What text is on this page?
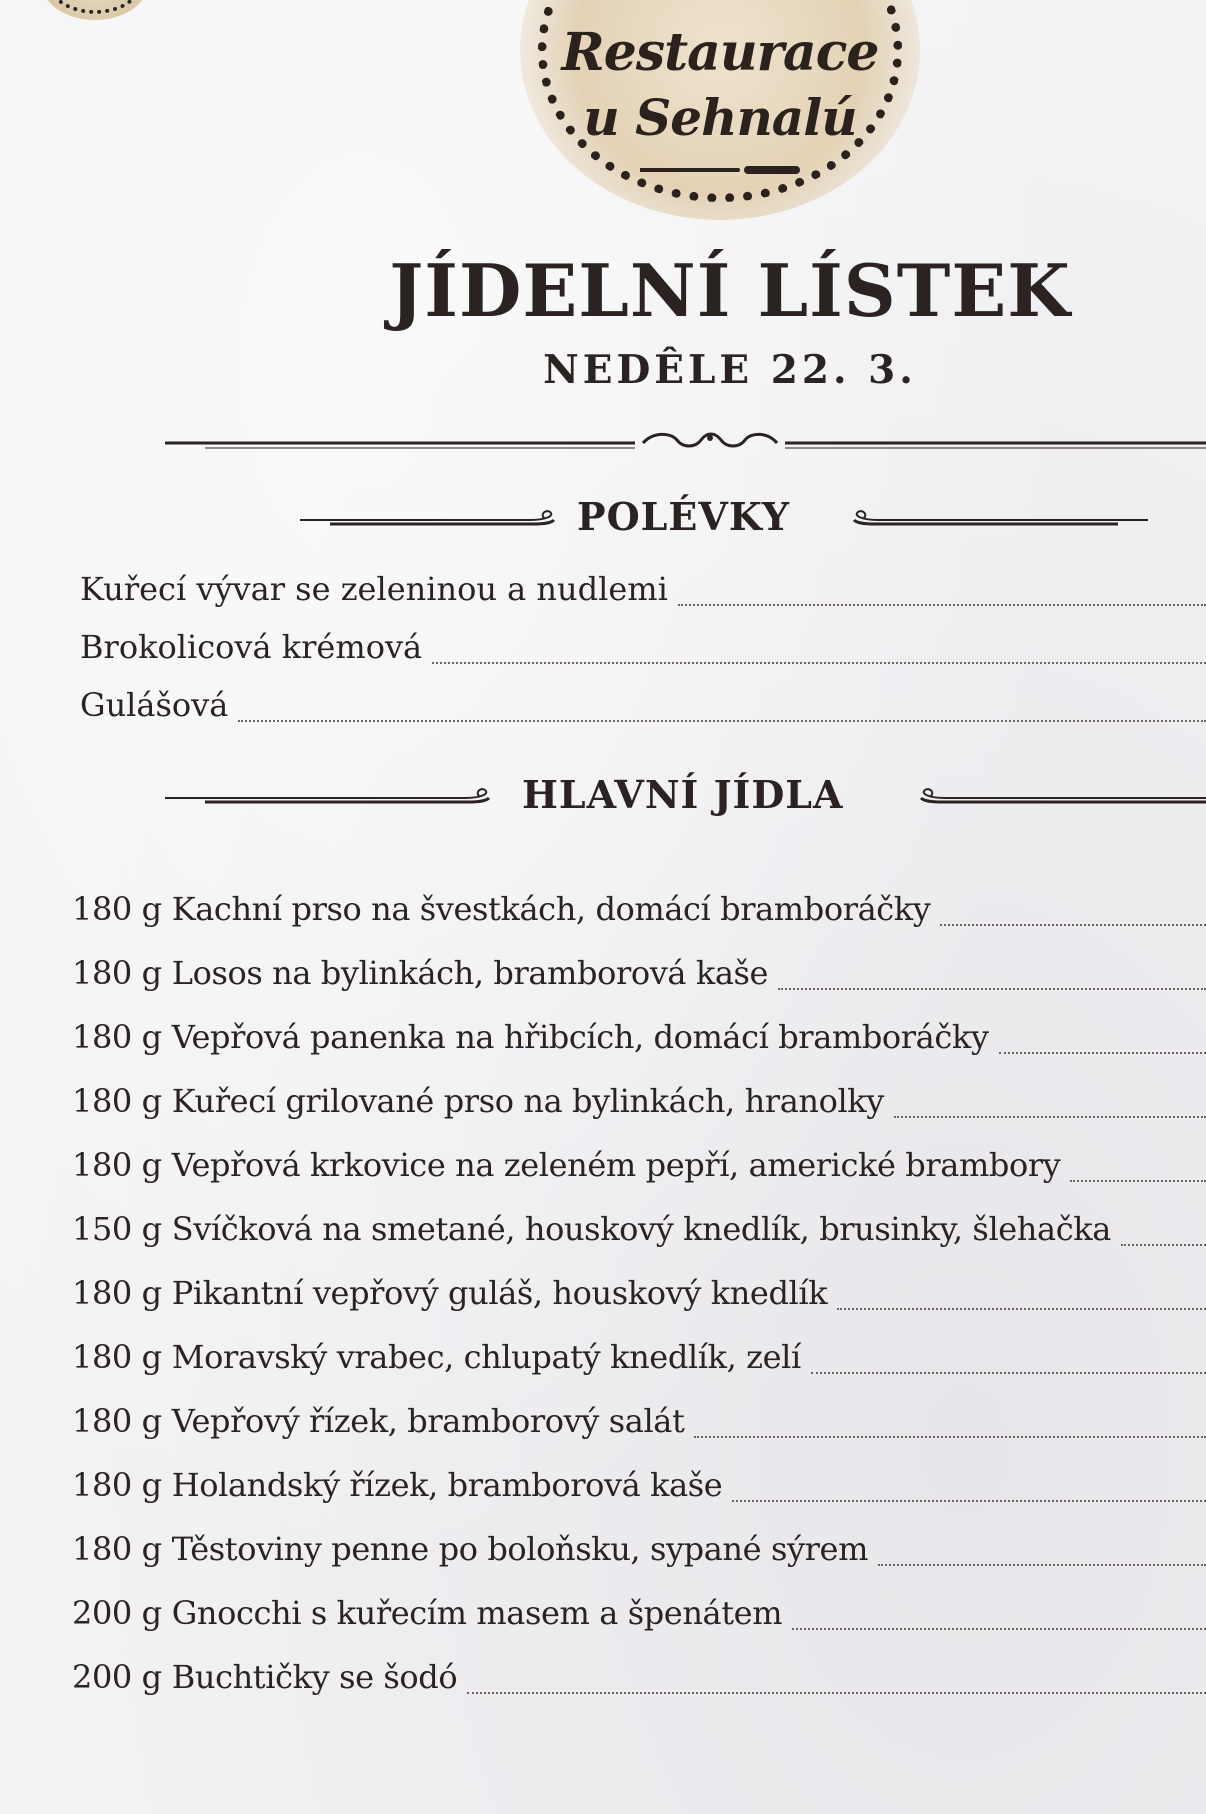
Restaurace
u Sehnalú
JÍDELNÍ LÍSTEK
NEDÊLE 22. 3.
POLÉVKY
Kuřecí vývar se zeleninou a nudlemi
Brokolicová krémová
Gulášová
HLAVNÍ JÍDLA
180 g Kachní prso na švestkách, domácí bramboráčky
180 g Losos na bylinkách, bramborová kaše
180 g Vepřová panenka na hřibcích, domácí bramboráčky
180 g Kuřecí grilované prso na bylinkách, hranolky
180 g Vepřová krkovice na zeleném pepří, americké brambory
150 g Svíčková na smetané, houskový knedlík, brusinky, šlehačka
180 g Pikantní vepřový guláš, houskový knedlík
180 g Moravský vrabec, chlupatý knedlík, zelí
180 g Vepřový řízek, bramborový salát
180 g Holandský řízek, bramborová kaše
180 g Těstoviny penne po boloňsku, sypané sýrem
200 g Gnocchi s kuřecím masem a špenátem
200 g Buchtičky se šodó
